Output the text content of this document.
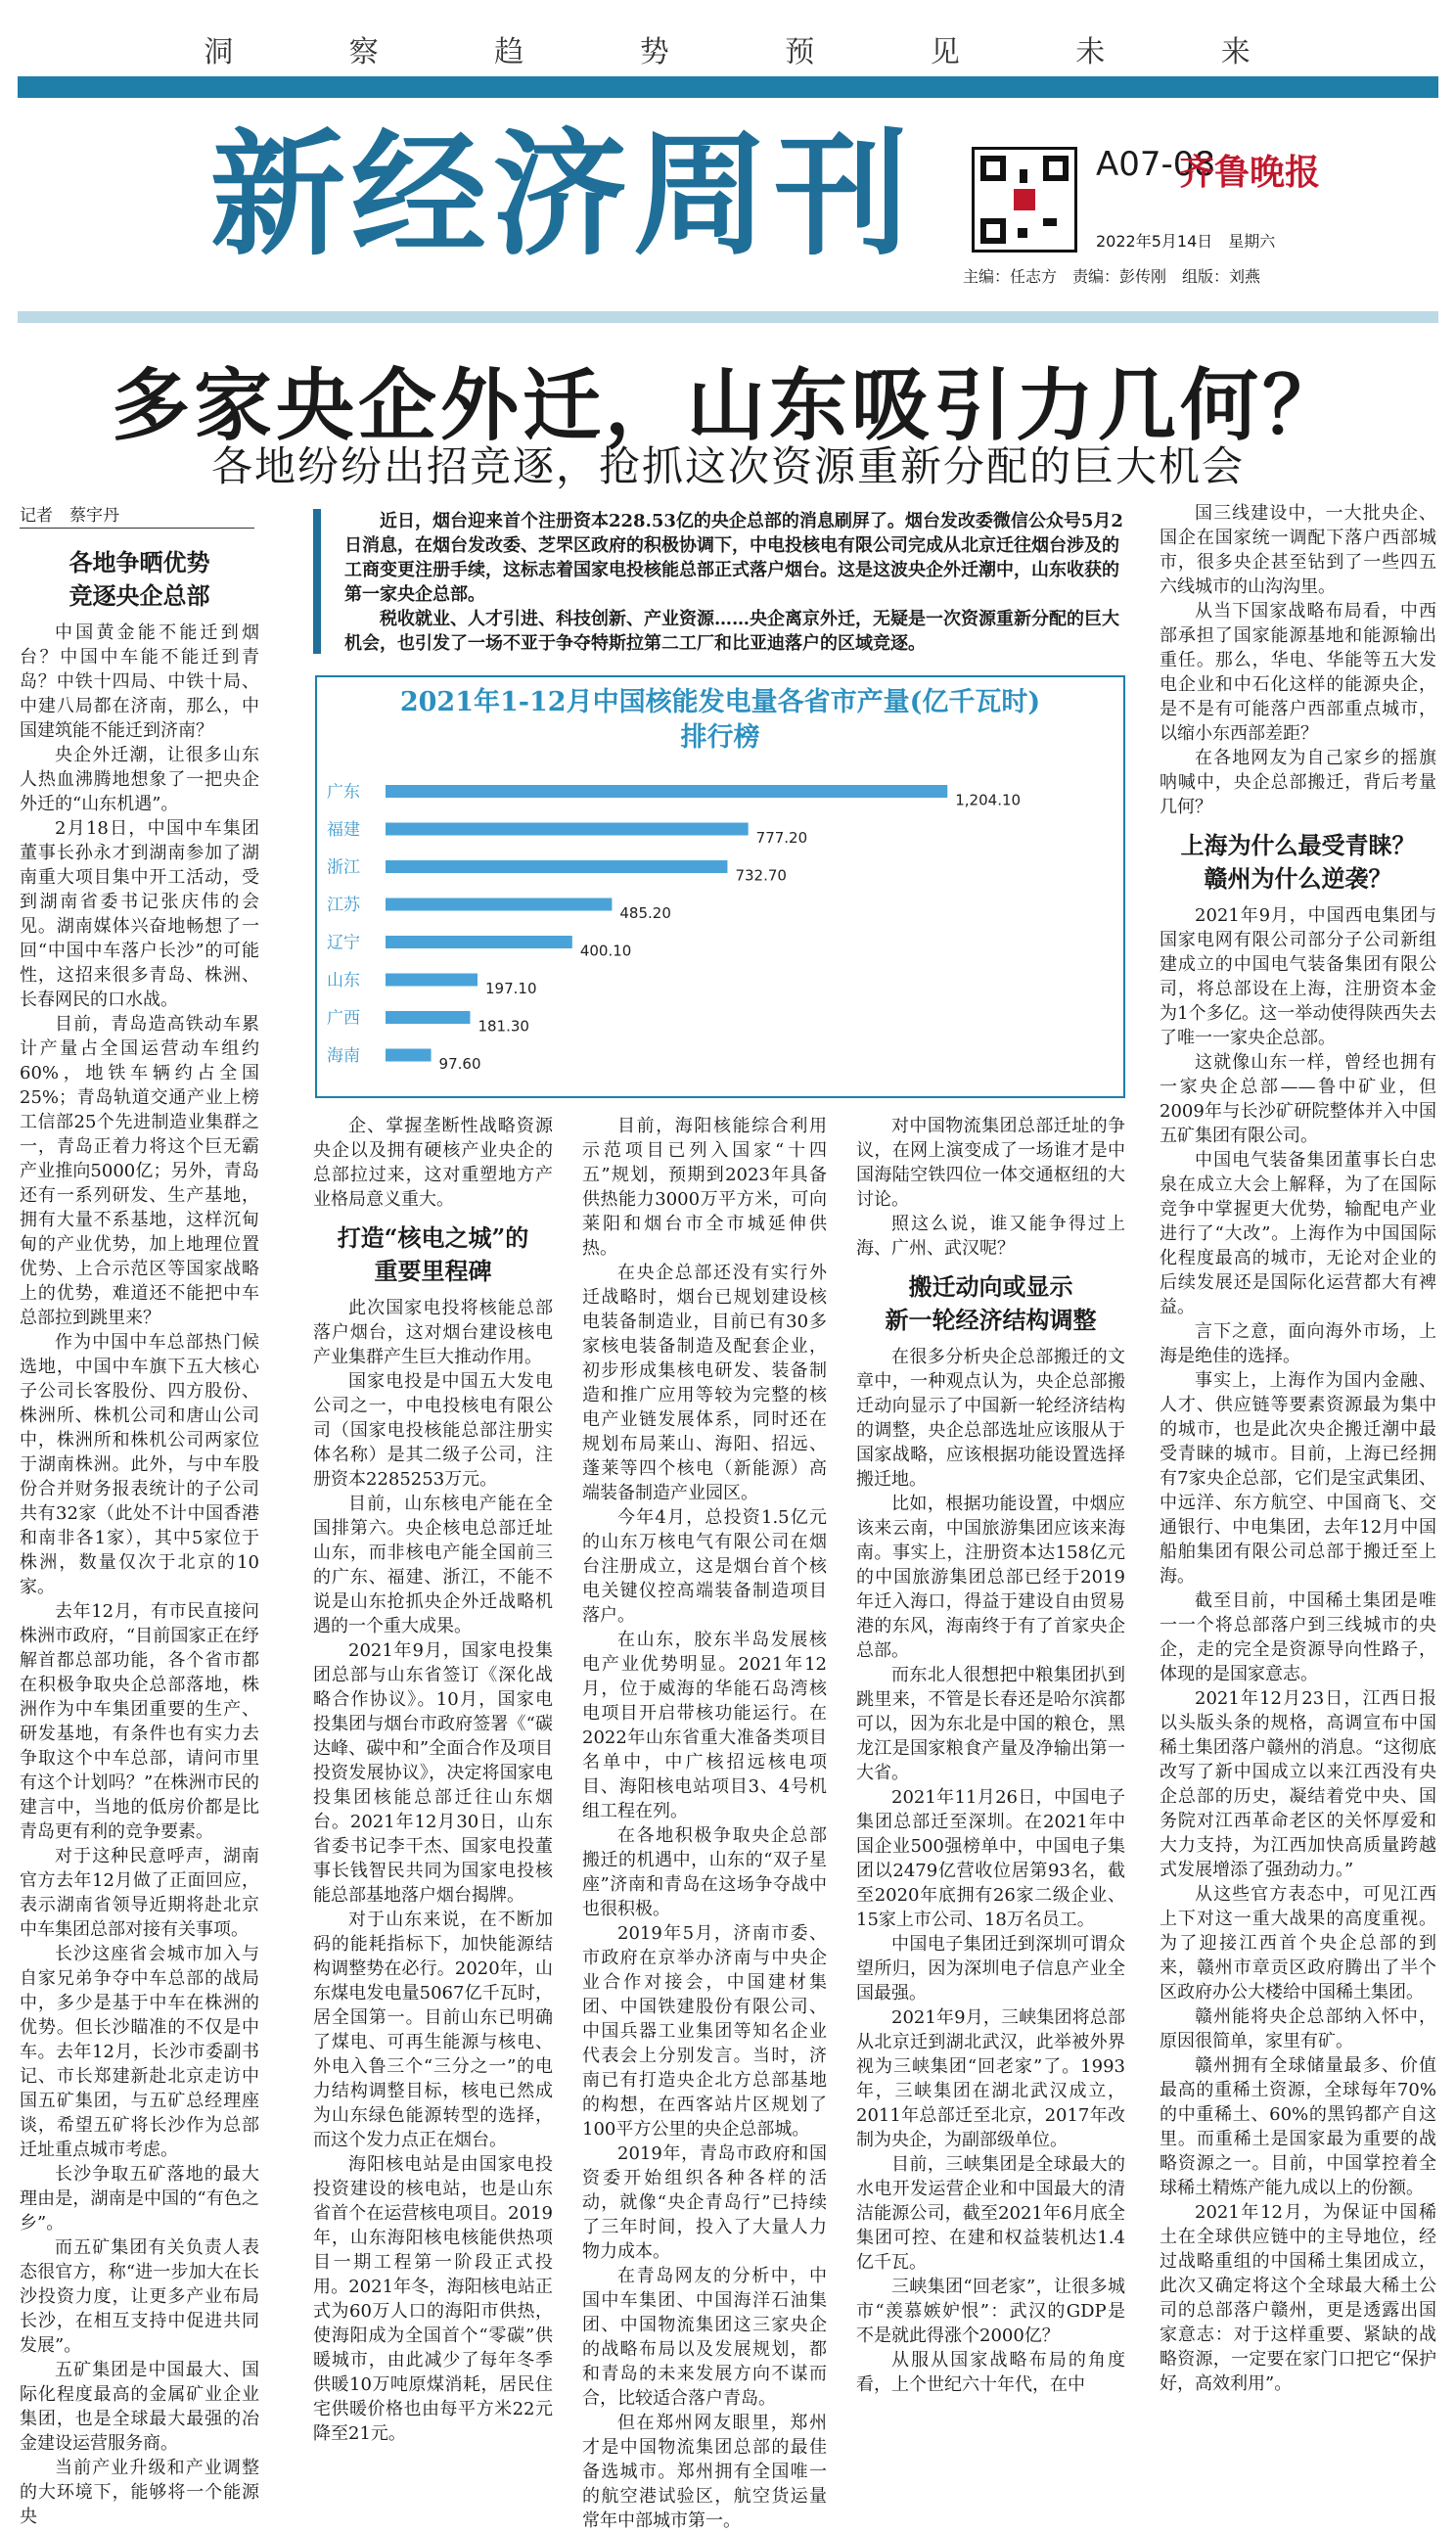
洞	察	趋	势	预	见	未	来
新经济周刊	A07-08
齐鲁晚报
2022年5月14日　星期六
主编：任志方　责编：彭传刚　组版：刘燕
多家央企外迁，山东吸引力几何？
各地纷纷出招竞逐，抢抓这次资源重新分配的巨大机会
记者　蔡宇丹	近日，烟台迎来首个注册资本228.53亿的央企总部的消息刷屏了。烟台发改委微信公众号5月2日消息，在烟台发改委、芝罘区政府的积极协调下，中电投核电有限公司完成从北京迁往烟台涉及的工商变更注册手续，这标志着国家电投核能总部正式落户烟台。这是这波央企外迁潮中，山东收获的第一家央企总部。

税收就业、人才引进、科技创新、产业资源……央企离京外迁，无疑是一次资源重新分配的巨大机会，也引发了一场不亚于争夺特斯拉第二工厂和比亚迪落户的区域竞逐。

2021年1-12月中国核能发电量各省市产量(亿千瓦时)
排行榜
广东	1,204.10
福建	777.20
浙江	732.70
江苏	485.20
辽宁	400.10
山东	197.10
广西	181.30
海南	97.60
各地争晒优势
竞逐央企总部

中国黄金能不能迁到烟台？中国中车能不能迁到青岛？中铁十四局、中铁十局、中建八局都在济南，那么，中国建筑能不能迁到济南？

央企外迁潮，让很多山东人热血沸腾地想象了一把央企外迁的“山东机遇”。

2月18日，中国中车集团董事长孙永才到湖南参加了湖南重大项目集中开工活动，受到湖南省委书记张庆伟的会见。湖南媒体兴奋地畅想了一回“中国中车落户长沙”的可能性，这招来很多青岛、株洲、长春网民的口水战。

目前，青岛造高铁动车累计产量占全国运营动车组约60%，地铁车辆约占全国25%；青岛轨道交通产业上榜工信部25个先进制造业集群之一，青岛正着力将这个巨无霸产业推向5000亿；另外，青岛还有一系列研发、生产基地，拥有大量不系基地，这样沉甸甸的产业优势，加上地理位置优势、上合示范区等国家战略上的优势，难道还不能把中车总部拉到跳里来？

作为中国中车总部热门候选地，中国中车旗下五大核心子公司长客股份、四方股份、株洲所、株机公司和唐山公司中，株洲所和株机公司两家位于湖南株洲。此外，与中车股份合并财务报表统计的子公司共有32家（此处不计中国香港和南非各1家），其中5家位于株洲，数量仅次于北京的10家。

去年12月，有市民直接问株洲市政府，“目前国家正在纾解首都总部功能，各个省市都在积极争取央企总部落地，株洲作为中车集团重要的生产、研发基地，有条件也有实力去争取这个中车总部，请问市里有这个计划吗？”在株洲市民的建言中，当地的低房价都是比青岛更有利的竞争要素。

对于这种民意呼声，湖南官方去年12月做了正面回应，表示湖南省领导近期将赴北京中车集团总部对接有关事项。

长沙这座省会城市加入与自家兄弟争夺中车总部的战局中，多少是基于中车在株洲的优势。但长沙瞄准的不仅是中车。去年12月，长沙市委副书记、市长郑建新赴北京走访中国五矿集团，与五矿总经理座谈，希望五矿将长沙作为总部迁址重点城市考虑。

长沙争取五矿落地的最大理由是，湖南是中国的“有色之乡”。

而五矿集团有关负责人表态很官方，称“进一步加大在长沙投资力度，让更多产业布局长沙，在相互支持中促进共同发展”。

五矿集团是中国最大、国际化程度最高的金属矿业企业集团，也是全球最大最强的冶金建设运营服务商。

当前产业升级和产业调整的大环境下，能够将一个能源央

企、掌握垄断性战略资源央企以及拥有硬核产业央企的总部拉过来，这对重塑地方产业格局意义重大。

打造“核电之城”的
重要里程碑

此次国家电投将核能总部落户烟台，这对烟台建设核电产业集群产生巨大推动作用。

国家电投是中国五大发电公司之一，中电投核电有限公司（国家电投核能总部注册实体名称）是其二级子公司，注册资本2285253万元。

目前，山东核电产能在全国排第六。央企核电总部迁址山东，而非核电产能全国前三的广东、福建、浙江，不能不说是山东抢抓央企外迁战略机遇的一个重大成果。

2021年9月，国家电投集团总部与山东省签订《深化战略合作协议》。10月，国家电投集团与烟台市政府签署《“碳达峰、碳中和”全面合作及项目投资发展协议》，决定将国家电投集团核能总部迁往山东烟台。2021年12月30日，山东省委书记李干杰、国家电投董事长钱智民共同为国家电投核能总部基地落户烟台揭牌。

对于山东来说，在不断加码的能耗指标下，加快能源结构调整势在必行。2020年，山东煤电发电量5067亿千瓦时，居全国第一。目前山东已明确了煤电、可再生能源与核电、外电入鲁三个“三分之一”的电力结构调整目标，核电已然成为山东绿色能源转型的选择，而这个发力点正在烟台。

海阳核电站是由国家电投投资建设的核电站，也是山东省首个在运营核电项目。2019年，山东海阳核电核能供热项目一期工程第一阶段正式投用。2021年冬，海阳核电站正式为60万人口的海阳市供热，使海阳成为全国首个“零碳”供暖城市，由此减少了每年冬季供暖10万吨原煤消耗，居民住宅供暖价格也由每平方米22元降至21元。

目前，海阳核能综合利用示范项目已列入国家“十四五”规划，预期到2023年具备供热能力3000万平方米，可向莱阳和烟台市全市城延伸供热。

在央企总部还没有实行外迁战略时，烟台已规划建设核电装备制造业，目前已有30多家核电装备制造及配套企业，初步形成集核电研发、装备制造和推广应用等较为完整的核电产业链发展体系，同时还在规划布局莱山、海阳、招远、蓬莱等四个核电（新能源）高端装备制造产业园区。

今年4月，总投资1.5亿元的山东万核电气有限公司在烟台注册成立，这是烟台首个核电关键仪控高端装备制造项目落户。

在山东，胶东半岛发展核电产业优势明显。2021年12月，位于威海的华能石岛湾核电项目开启带核功能运行。在2022年山东省重大准备类项目名单中，中广核招远核电项目、海阳核电站项目3、4号机组工程在列。

在各地积极争取央企总部搬迁的机遇中，山东的“双子星座”济南和青岛在这场争夺战中也很积极。

2019年5月，济南市委、市政府在京举办济南与中央企业合作对接会，中国建材集团、中国铁建股份有限公司、中国兵器工业集团等知名企业代表会上分别发言。当时，济南已有打造央企北方总部基地的构想，在西客站片区规划了100平方公里的央企总部城。

2019年，青岛市政府和国资委开始组织各种各样的活动，就像“央企青岛行”已持续了三年时间，投入了大量人力物力成本。

在青岛网友的分析中，中国中车集团、中国海洋石油集团、中国物流集团这三家央企的战略布局以及发展规划，都和青岛的未来发展方向不谋而合，比较适合落户青岛。

但在郑州网友眼里，郑州才是中国物流集团总部的最佳备选城市。郑州拥有全国唯一的航空港试验区，航空货运量常年中部城市第一。

对中国物流集团总部迁址的争议，在网上演变成了一场谁才是中国海陆空铁四位一体交通枢纽的大讨论。

照这么说，谁又能争得过上海、广州、武汉呢？

搬迁动向或显示
新一轮经济结构调整

在很多分析央企总部搬迁的文章中，一种观点认为，央企总部搬迁动向显示了中国新一轮经济结构的调整，央企总部选址应该服从于国家战略，应该根据功能设置选择搬迁地。

比如，根据功能设置，中烟应该来云南，中国旅游集团应该来海南。事实上，注册资本达158亿元的中国旅游集团总部已经于2019年迁入海口，得益于建设自由贸易港的东风，海南终于有了首家央企总部。

而东北人很想把中粮集团扒到跳里来，不管是长春还是哈尔滨都可以，因为东北是中国的粮仓，黑龙江是国家粮食产量及净输出第一大省。

2021年11月26日，中国电子集团总部迁至深圳。在2021年中国企业500强榜单中，中国电子集团以2479亿营收位居第93名，截至2020年底拥有26家二级企业、15家上市公司、18万名员工。

中国电子集团迁到深圳可谓众望所归，因为深圳电子信息产业全国最强。

2021年9月，三峡集团将总部从北京迁到湖北武汉，此举被外界视为三峡集团“回老家”了。1993年，三峡集团在湖北武汉成立，2011年总部迁至北京，2017年改制为央企，为副部级单位。

目前，三峡集团是全球最大的水电开发运营企业和中国最大的清洁能源公司，截至2021年6月底全集团可控、在建和权益装机达1.4亿千瓦。

三峡集团“回老家”，让很多城市“羡慕嫉妒恨”：武汉的GDP是不是就此得涨个2000亿？

从服从国家战略布局的角度看，上个世纪六十年代，在中

国三线建设中，一大批央企、国企在国家统一调配下落户西部城市，很多央企甚至钻到了一些四五六线城市的山沟沟里。

从当下国家战略布局看，中西部承担了国家能源基地和能源输出重任。那么，华电、华能等五大发电企业和中石化这样的能源央企，是不是有可能落户西部重点城市，以缩小东西部差距？

在各地网友为自己家乡的摇旗呐喊中，央企总部搬迁，背后考量几何？

上海为什么最受青睐？
赣州为什么逆袭？

2021年9月，中国西电集团与国家电网有限公司部分子公司新组建成立的中国电气装备集团有限公司，将总部设在上海，注册资本金为1个多亿。这一举动使得陕西失去了唯一一家央企总部。

这就像山东一样，曾经也拥有一家央企总部——鲁中矿业，但2009年与长沙矿研院整体并入中国五矿集团有限公司。

中国电气装备集团董事长白忠泉在成立大会上解释，为了在国际竞争中掌握更大优势，输配电产业进行了“大改”。上海作为中国国际化程度最高的城市，无论对企业的后续发展还是国际化运营都大有裨益。

言下之意，面向海外市场，上海是绝佳的选择。

事实上，上海作为国内金融、人才、供应链等要素资源最为集中的城市，也是此次央企搬迁潮中最受青睐的城市。目前，上海已经拥有7家央企总部，它们是宝武集团、中远洋、东方航空、中国商飞、交通银行、中电集团，去年12月中国船舶集团有限公司总部于搬迁至上海。

截至目前，中国稀土集团是唯一一个将总部落户到三线城市的央企，走的完全是资源导向性路子，体现的是国家意志。

2021年12月23日，江西日报以头版头条的规格，高调宣布中国稀土集团落户赣州的消息。“这彻底改写了新中国成立以来江西没有央企总部的历史，凝结着党中央、国务院对江西革命老区的关怀厚爱和大力支持，为江西加快高质量跨越式发展增添了强劲动力。”

从这些官方表态中，可见江西上下对这一重大战果的高度重视。为了迎接江西首个央企总部的到来，赣州市章贡区政府腾出了半个区政府办公大楼给中国稀土集团。

赣州能将央企总部纳入怀中，原因很简单，家里有矿。

赣州拥有全球储量最多、价值最高的重稀土资源，全球每年70%的中重稀土、60%的黑钨都产自这里。而重稀土是国家最为重要的战略资源之一。目前，中国掌控着全球稀土精炼产能九成以上的份额。

2021年12月，为保证中国稀土在全球供应链中的主导地位，经过战略重组的中国稀土集团成立，此次又确定将这个全球最大稀土公司的总部落户赣州，更是透露出国家意志：对于这样重要、紧缺的战略资源，一定要在家门口把它“保护好，高效利用”。
